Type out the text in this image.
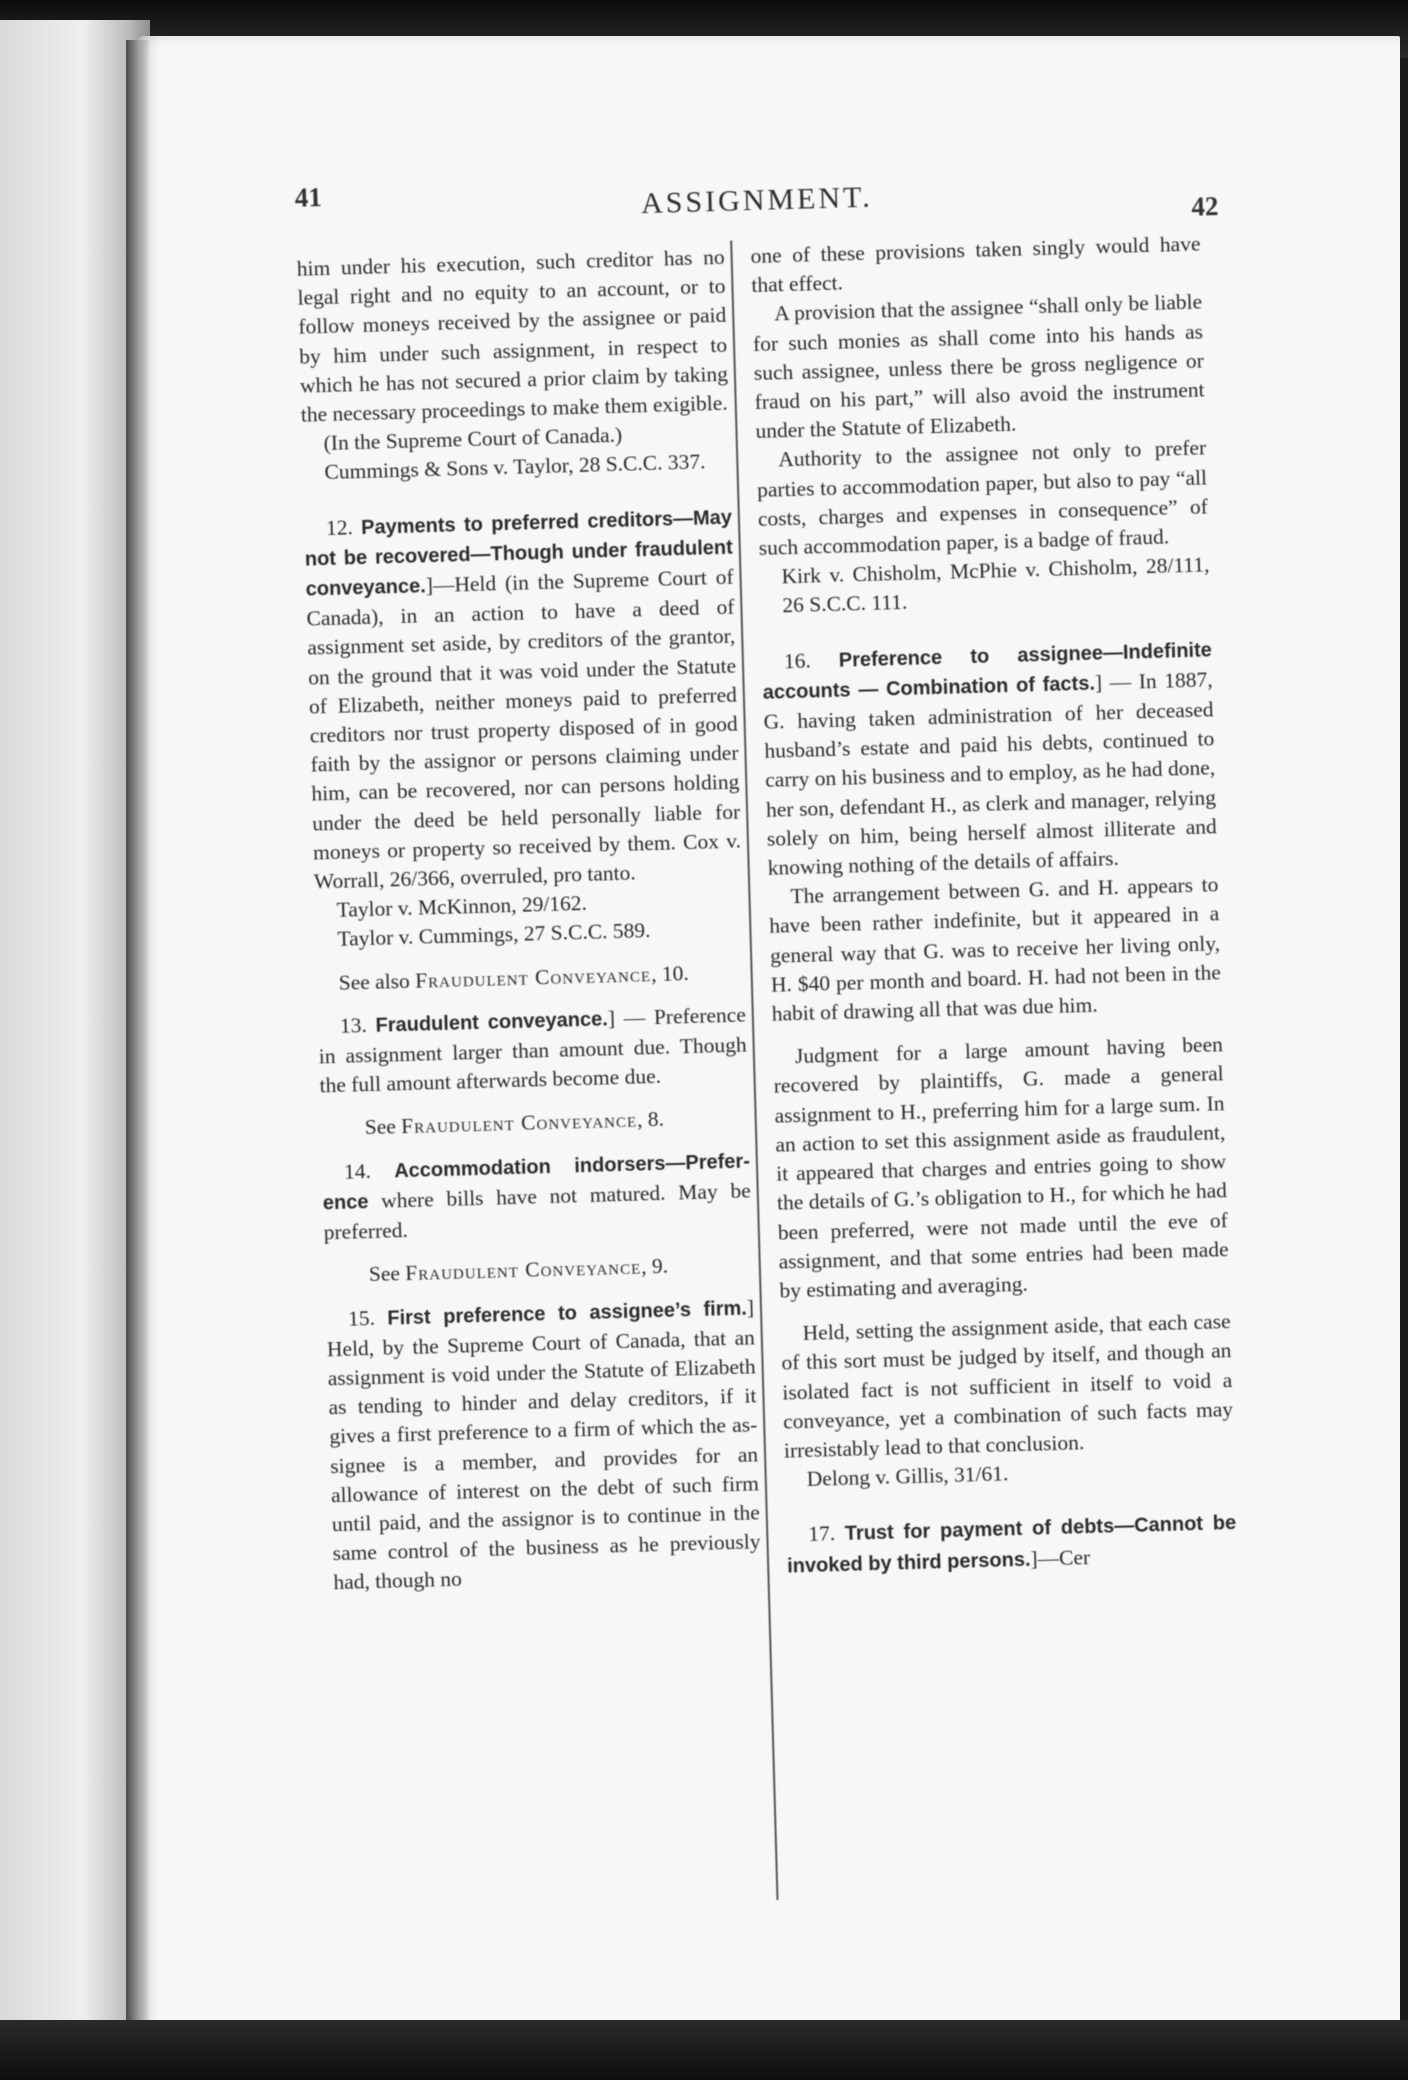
41	ASSIGNMENT.	42

him under his execution, such creditor has no legal right and no equity to an account, or to follow moneys received by the assignee or paid by him under such assignment, in respect to which he has not secured a prior claim by taking the necessary proceedings to make them exigible.

(In the Supreme Court of Canada.)

Cummings & Sons v. Taylor, 28 S.C.C. 337.

12. Payments to preferred creditors—May not be recovered—Though under fraudulent conveyance.]—Held (in the Supreme Court of Canada), in an action to have a deed of assignment set aside, by creditors of the grantor, on the ground that it was void under the Statute of Elizabeth, neither moneys paid to preferred creditors nor trust property disposed of in good faith by the assignor or persons claiming under him, can be recovered, nor can persons holding under the deed be held personally liable for moneys or property so received by them. Cox v. Worrall, 26/366, overruled, pro tanto.

Taylor v. McKinnon, 29/162.

Taylor v. Cummings, 27 S.C.C. 589.

See also Fraudulent Conveyance, 10.

13. Fraudulent conveyance.] — Preference in assignment larger than amount due. Though the full amount afterwards become due.

See Fraudulent Conveyance, 8.

14. Accommodation indorsers—Preference where bills have not matured. May be preferred.

See Fraudulent Conveyance, 9.

15. First preference to assignee’s firm.] Held, by the Supreme Court of Canada, that an assignment is void under the Statute of Elizabeth as tending to hinder and delay creditors, if it gives a first preference to a firm of which the assignee is a member, and provides for an allowance of interest on the debt of such firm until paid, and the assignor is to continue in the same control of the business as he previously had, though no

one of these provisions taken singly would have that effect.

A provision that the assignee “shall only be liable for such monies as shall come into his hands as such assignee, unless there be gross negligence or fraud on his part,” will also avoid the instrument under the Statute of Elizabeth.

Authority to the assignee not only to prefer parties to accommodation paper, but also to pay “all costs, charges and expenses in consequence” of such accommodation paper, is a badge of fraud.

Kirk v. Chisholm, McPhie v. Chisholm, 28/111, 26 S.C.C. 111.

16. Preference to assignee—Indefinite accounts — Combination of facts.] — In 1887, G. having taken administration of her deceased husband’s estate and paid his debts, continued to carry on his business and to employ, as he had done, her son, defendant H., as clerk and manager, relying solely on him, being herself almost illiterate and knowing nothing of the details of affairs.

The arrangement between G. and H. appears to have been rather indefinite, but it appeared in a general way that G. was to receive her living only, H. $40 per month and board. H. had not been in the habit of drawing all that was due him.

Judgment for a large amount having been recovered by plaintiffs, G. made a general assignment to H., preferring him for a large sum. In an action to set this assignment aside as fraudulent, it appeared that charges and entries going to show the details of G.’s obligation to H., for which he had been preferred, were not made until the eve of assignment, and that some entries had been made by estimating and averaging.

Held, setting the assignment aside, that each case of this sort must be judged by itself, and though an isolated fact is not sufficient in itself to void a conveyance, yet a combination of such facts may irresistably lead to that conclusion.

Delong v. Gillis, 31/61.

17. Trust for payment of debts—Cannot be invoked by third persons.]—Cer
